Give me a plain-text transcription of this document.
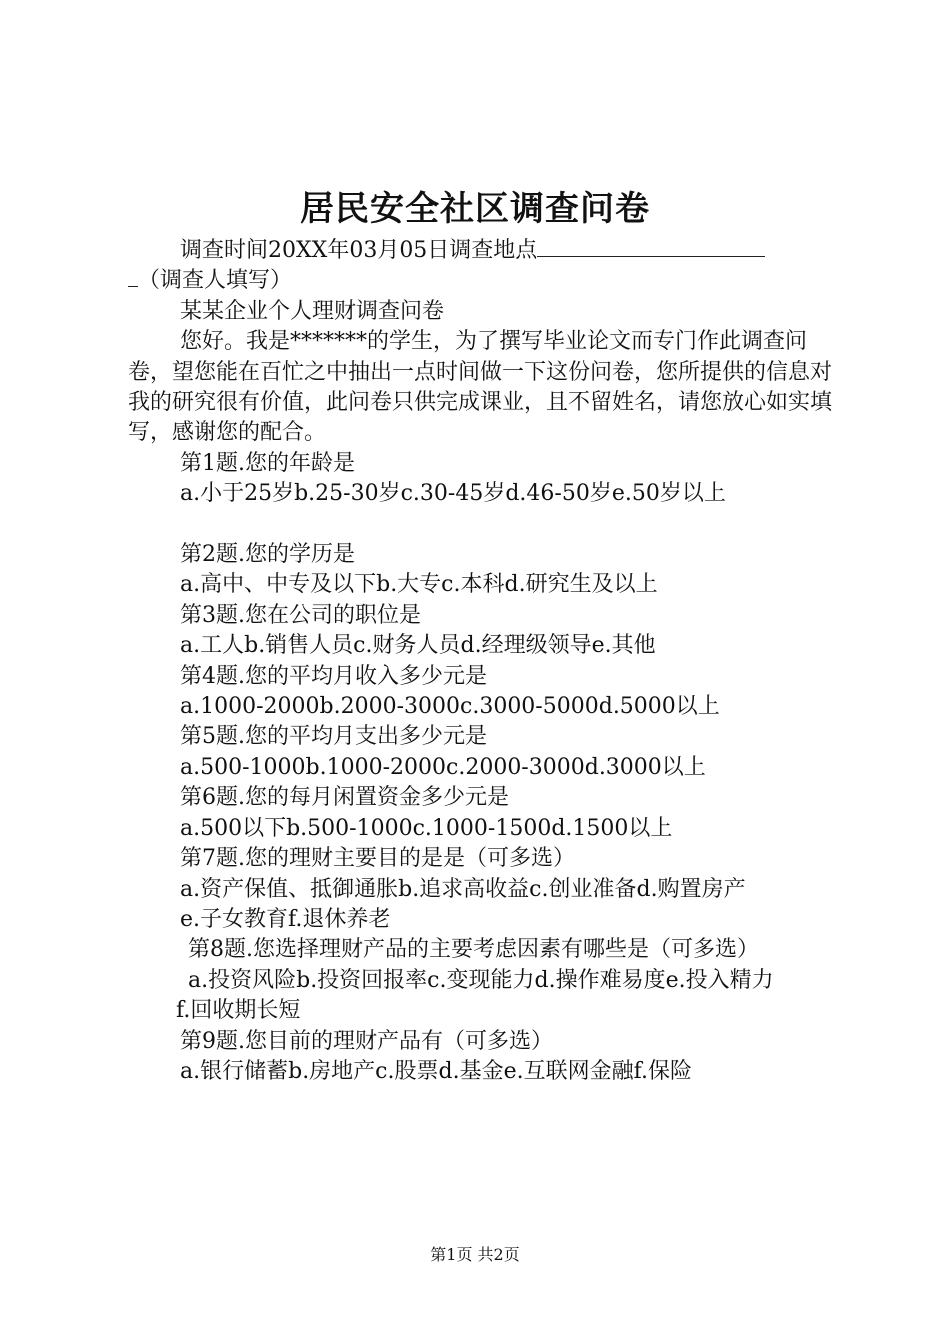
居民安全社区调查问卷

调查时间20XX年03月05日调查地点

（调查人填写）

某某企业个人理财调查问卷

您好。我是*******的学生，为了撰写毕业论文而专门作此调查问卷，望您能在百忙之中抽出一点时间做一下这份问卷，您所提供的信息对我的研究很有价值，此问卷只供完成课业，且不留姓名，请您放心如实填写，感谢您的配合。

第1题.您的年龄是

a.小于25岁b.25-30岁c.30-45岁d.46-50岁e.50岁以上

第2题.您的学历是

a.高中、中专及以下b.大专c.本科d.研究生及以上

第3题.您在公司的职位是

a.工人b.销售人员c.财务人员d.经理级领导e.其他

第4题.您的平均月收入多少元是

a.1000-2000b.2000-3000c.3000-5000d.5000以上

第5题.您的平均月支出多少元是

a.500-1000b.1000-2000c.2000-3000d.3000以上

第6题.您的每月闲置资金多少元是

a.500以下b.500-1000c.1000-1500d.1500以上

第7题.您的理财主要目的是是（可多选）

a.资产保值、抵御通胀b.追求高收益c.创业准备d.购置房产

e.子女教育f.退休养老

第8题.您选择理财产品的主要考虑因素有哪些是（可多选）

a.投资风险b.投资回报率c.变现能力d.操作难易度e.投入精力

f.回收期长短

第9题.您目前的理财产品有（可多选）

a.银行储蓄b.房地产c.股票d.基金e.互联网金融f.保险

第1页 共2页
